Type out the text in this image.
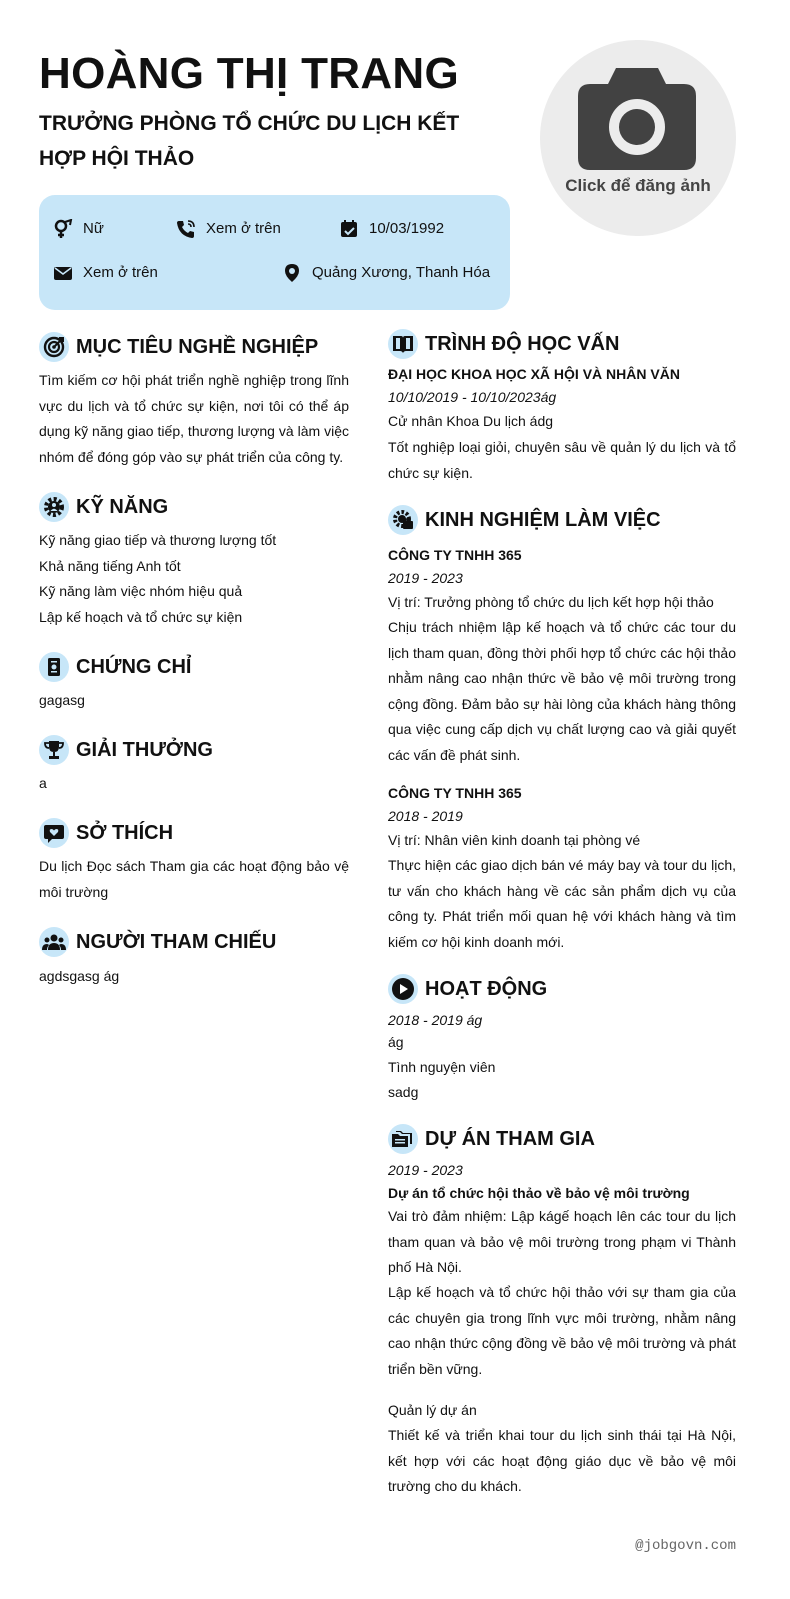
HOÀNG THỊ TRANG
TRƯỞNG PHÒNG TỔ CHỨC DU LỊCH KẾT HỢP HỘI THẢO
Click để đăng ảnh
Nữ	Xem ở trên	10/03/1992
Xem ở trên	Quảng Xương, Thanh Hóa
MỤC TIÊU NGHỀ NGHIỆP
Tìm kiếm cơ hội phát triển nghề nghiệp trong lĩnh vực du lịch và tổ chức sự kiện, nơi tôi có thể áp dụng kỹ năng giao tiếp, thương lượng và làm việc nhóm để đóng góp vào sự phát triển của công ty.
KỸ NĂNG
Kỹ năng giao tiếp và thương lượng tốt
Khả năng tiếng Anh tốt
Kỹ năng làm việc nhóm hiệu quả
Lập kế hoạch và tổ chức sự kiện
CHỨNG CHỈ
gagasg
GIẢI THƯỞNG
a
SỞ THÍCH
Du lịch Đọc sách Tham gia các hoạt động bảo vệ môi trường
NGƯỜI THAM CHIẾU
agdsgasg ág
TRÌNH ĐỘ HỌC VẤN
ĐẠI HỌC KHOA HỌC XÃ HỘI VÀ NHÂN VĂN
10/10/2019 - 10/10/2023ág
Cử nhân Khoa Du lịch ádg
Tốt nghiệp loại giỏi, chuyên sâu về quản lý du lịch và tổ chức sự kiện.
KINH NGHIỆM LÀM VIỆC
CÔNG TY TNHH 365
2019 - 2023
Vị trí: Trưởng phòng tổ chức du lịch kết hợp hội thảo
Chịu trách nhiệm lập kế hoạch và tổ chức các tour du lịch tham quan, đồng thời phối hợp tổ chức các hội thảo nhằm nâng cao nhận thức về bảo vệ môi trường trong cộng đồng. Đảm bảo sự hài lòng của khách hàng thông qua việc cung cấp dịch vụ chất lượng cao và giải quyết các vấn đề phát sinh.
CÔNG TY TNHH 365
2018 - 2019
Vị trí: Nhân viên kinh doanh tại phòng vé
Thực hiện các giao dịch bán vé máy bay và tour du lịch, tư vấn cho khách hàng về các sản phẩm dịch vụ của công ty. Phát triển mối quan hệ với khách hàng và tìm kiếm cơ hội kinh doanh mới.
HOẠT ĐỘNG
2018 - 2019 ág
ág
Tình nguyện viên
sadg
DỰ ÁN THAM GIA
2019 - 2023
Dự án tổ chức hội thảo về bảo vệ môi trường
Vai trò đảm nhiệm: Lập kágế hoạch lên các tour du lịch tham quan và bảo vệ môi trường trong phạm vi Thành phố Hà Nội.
Lập kế hoạch và tổ chức hội thảo với sự tham gia của các chuyên gia trong lĩnh vực môi trường, nhằm nâng cao nhận thức cộng đồng về bảo vệ môi trường và phát triển bền vững.
Quản lý dự án
Thiết kế và triển khai tour du lịch sinh thái tại Hà Nội, kết hợp với các hoạt động giáo dục về bảo vệ môi trường cho du khách.
@jobgovn.com
